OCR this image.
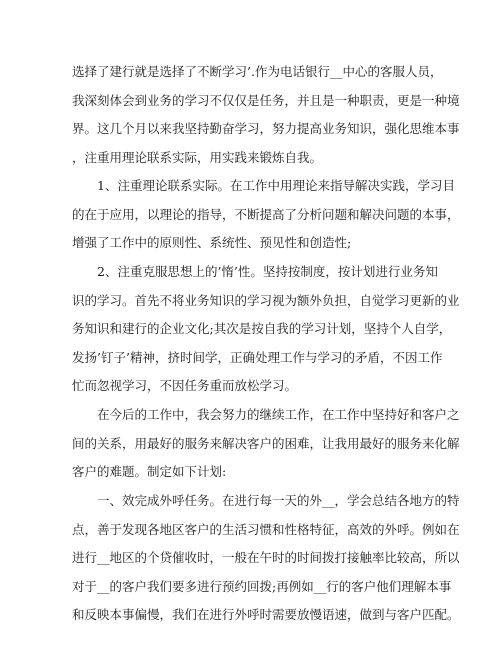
选择了建行就是选择了不断学习’.作为电话银行__中心的客服人员，
我深刻体会到业务的学习不仅仅是任务，并且是一种职责，更是一种境
界。这几个月以来我坚持勤奋学习，努力提高业务知识，强化思维本事
，注重用理论联系实际，用实践来锻炼自我。
1、注重理论联系实际。在工作中用理论来指导解决实践，学习目
的在于应用，以理论的指导，不断提高了分析问题和解决问题的本事，
增强了工作中的原则性、系统性、预见性和创造性;
2、注重克服思想上的’惰’性。坚持按制度，按计划进行业务知
识的学习。首先不将业务知识的学习视为额外负担，自觉学习更新的业
务知识和建行的企业文化;其次是按自我的学习计划，坚持个人自学，
发扬’钉子’精神，挤时间学，正确处理工作与学习的矛盾，不因工作
忙而忽视学习，不因任务重而放松学习。
在今后的工作中，我会努力的继续工作，在工作中坚持好和客户之
间的关系，用最好的服务来解决客户的困难，让我用最好的服务来化解
客户的难题。制定如下计划:
一、效完成外呼任务。在进行每一天的外__，学会总结各地方的特
点，善于发现各地区客户的生活习惯和性格特征，高效的外呼。例如在
进行__地区的个贷催收时，一般在午时的时间拨打接触率比较高，所以
对于__的客户我们要多进行预约回拨;再例如__行的客户他们理解本事
和反映本事偏慢，我们在进行外呼时需要放慢语速，做到与客户匹配。
